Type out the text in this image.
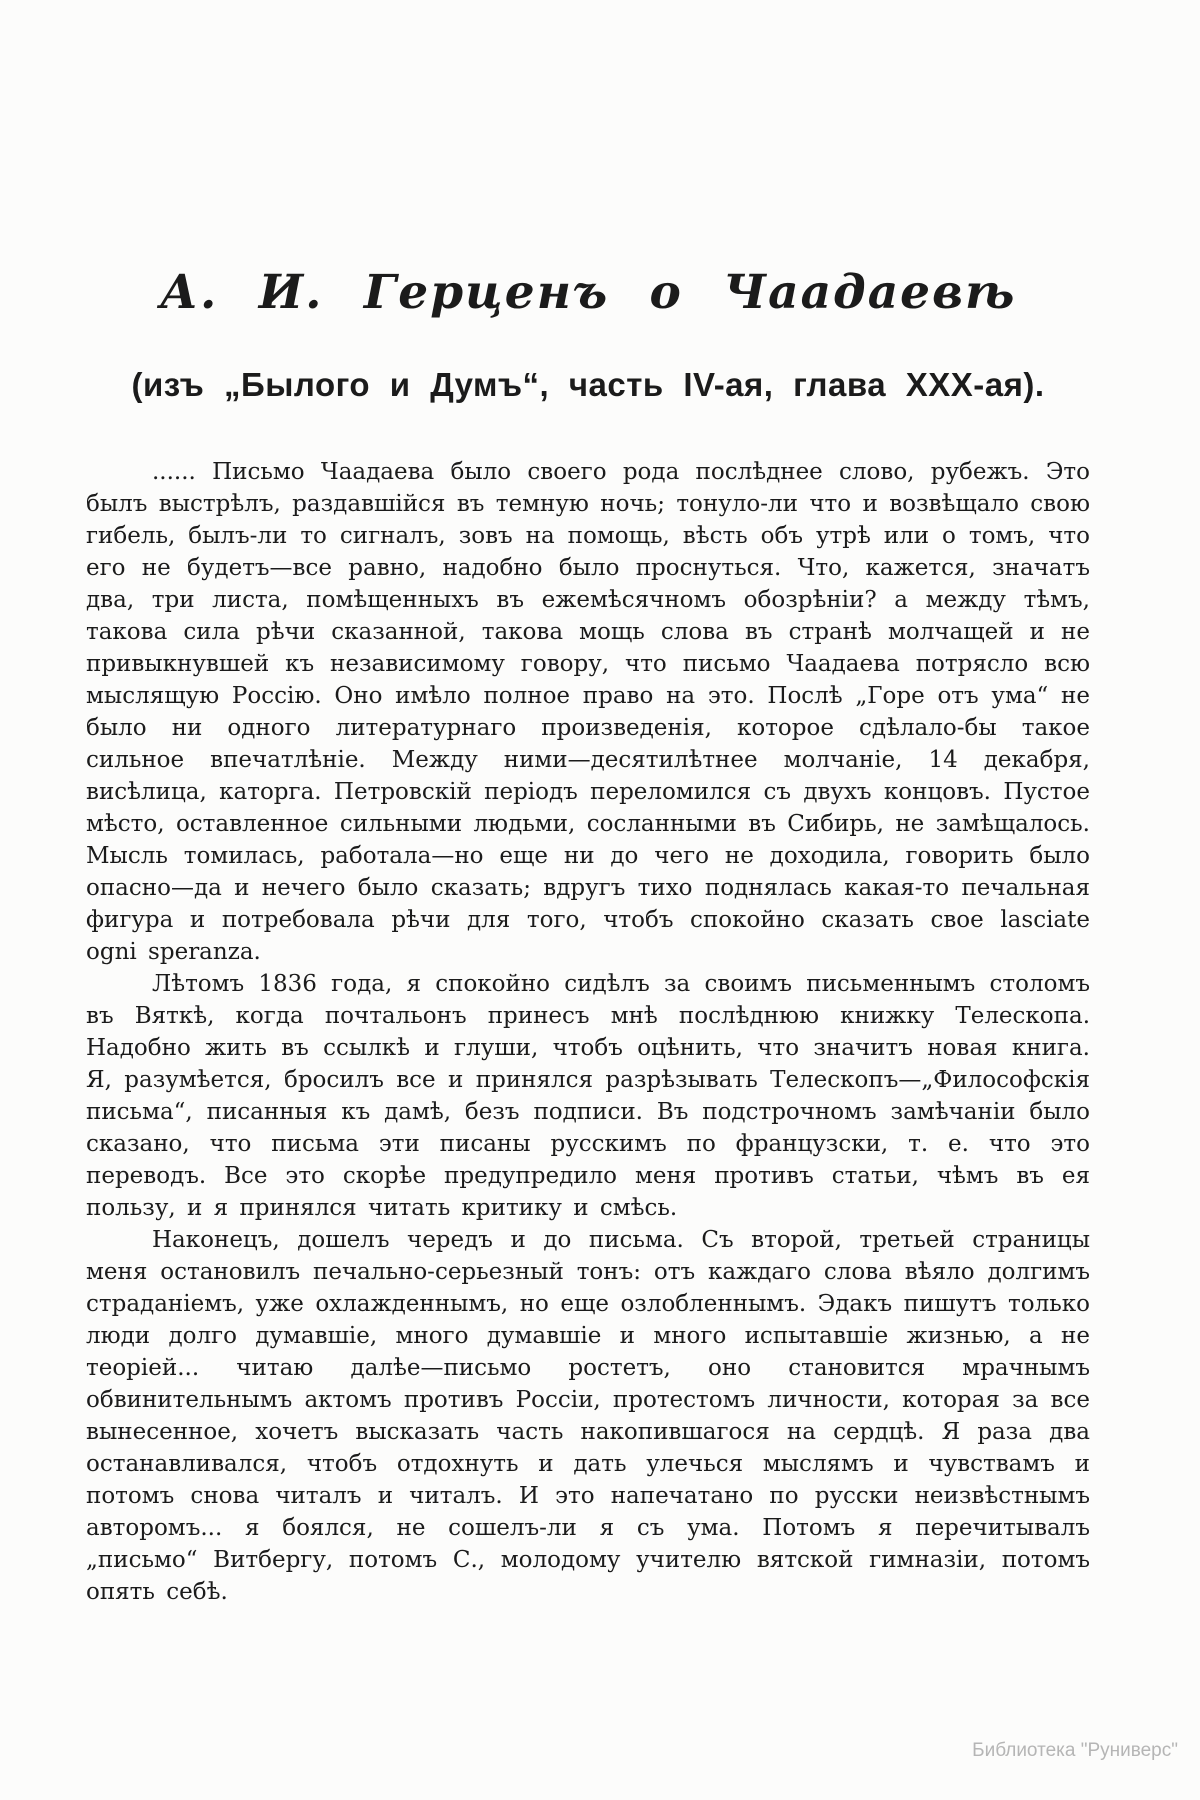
А. И. Герценъ о Чаадаевѣ
(изъ „Былого и Думъ“, часть IV-ая, глава XXX-ая).

...... Письмо Чаадаева было своего рода послѣднее слово, рубежъ. Это былъ выстрѣлъ, раздавшійся въ темную ночь; тонуло-ли что и возвѣщало свою гибель, былъ-ли то сигналъ, зовъ на помощь, вѣсть объ утрѣ или о томъ, что его не будетъ—все равно, надобно было проснуться. Что, кажется, значатъ два, три листа, помѣщенныхъ въ ежемѣсячномъ обозрѣніи? а между тѣмъ, такова сила рѣчи сказанной, такова мощь слова въ странѣ молчащей и не привыкнувшей къ независимому говору, что письмо Чаадаева потрясло всю мыслящую Россію. Оно имѣло полное право на это. Послѣ „Горе отъ ума“ не было ни одного литературнаго произведенія, которое сдѣлало-бы такое сильное впечатлѣніе. Между ними—десятилѣтнее молчаніе, 14 декабря, висѣлица, каторга. Петровскій періодъ переломился съ двухъ концовъ. Пустое мѣсто, оставленное сильными людьми, сосланными въ Сибирь, не замѣщалось. Мысль томилась, работала—но еще ни до чего не доходила, говорить было опасно—да и нечего было сказать; вдругъ тихо поднялась какая-то печальная фигура и потребовала рѣчи для того, чтобъ спокойно сказать свое lasciate ogni speranza.

Лѣтомъ 1836 года, я спокойно сидѣлъ за своимъ письменнымъ столомъ въ Вяткѣ, когда почтальонъ принесъ мнѣ послѣднюю книжку Телескопа. Надобно жить въ ссылкѣ и глуши, чтобъ оцѣнить, что значитъ новая книга. Я, разумѣется, бросилъ все и принялся разрѣзывать Телескопъ—„Философскія письма“, писанныя къ дамѣ, безъ подписи. Въ подстрочномъ замѣчаніи было сказано, что письма эти писаны русскимъ по французски, т. е. что это переводъ. Все это скорѣе предупредило меня противъ статьи, чѣмъ въ ея пользу, и я принялся читать критику и смѣсь.

Наконецъ, дошелъ чередъ и до письма. Съ второй, третьей страницы меня остановилъ печально-серьезный тонъ: отъ каждаго слова вѣяло долгимъ страданіемъ, уже охлажденнымъ, но еще озлобленнымъ. Эдакъ пишутъ только люди долго думавшіе, много думавшіе и много испытавшіе жизнью, а не теоріей... читаю далѣе—письмо ростетъ, оно становится мрачнымъ обвинительнымъ актомъ противъ Россіи, протестомъ личности, которая за все вынесенное, хочетъ высказать часть накопившагося на сердцѣ. Я раза два останавливался, чтобъ отдохнуть и дать улечься мыслямъ и чувствамъ и потомъ снова читалъ и читалъ. И это напечатано по русски неизвѣстнымъ авторомъ... я боялся, не сошелъ-ли я съ ума. Потомъ я перечитывалъ „письмо“ Витбергу, потомъ С., молодому учителю вятской гимназіи, потомъ опять себѣ.

Библиотека "Руниверс"
